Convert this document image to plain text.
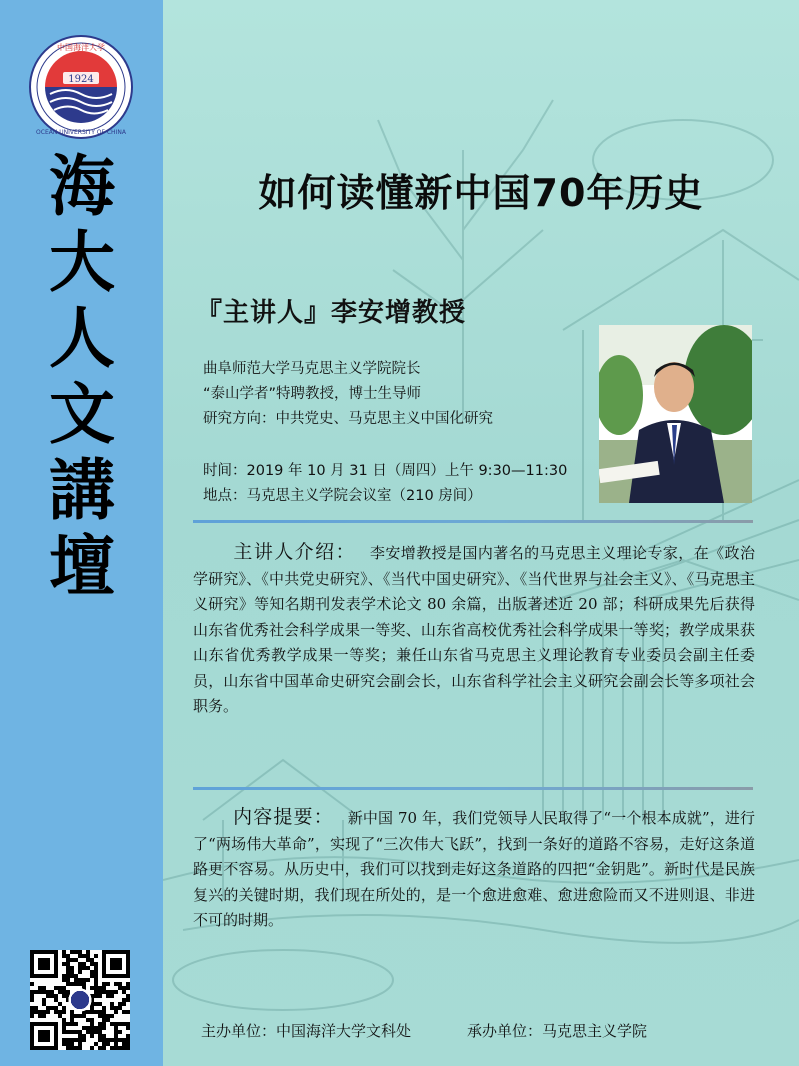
1924
中国海洋大学
OCEAN UNIVERSITY OF CHINA
海
大
人
文
講
壇
如何读懂新中国70年历史
『主讲人』李安增教授
曲阜师范大学马克思主义学院院长
“泰山学者”特聘教授，博士生导师
研究方向：中共党史、马克思主义中国化研究
时间：2019 年 10 月 31 日（周四）上午 9:30—11:30
地点：马克思主义学院会议室（210 房间）
主讲人介绍： 李安增教授是国内著名的马克思主义理论专家，在《政治学研究》、《中共党史研究》、《当代中国史研究》、《当代世界与社会主义》、《马克思主义研究》等知名期刊发表学术论文 80 余篇，出版著述近 20 部；科研成果先后获得山东省优秀社会科学成果一等奖、山东省高校优秀社会科学成果一等奖；教学成果获山东省优秀教学成果一等奖；兼任山东省马克思主义理论教育专业委员会副主任委员，山东省中国革命史研究会副会长，山东省科学社会主义研究会副会长等多项社会职务。
内容提要： 新中国 70 年，我们党领导人民取得了“一个根本成就”，进行了“两场伟大革命”，实现了“三次伟大飞跃”，找到一条好的道路不容易，走好这条道路更不容易。从历史中，我们可以找到走好这条道路的四把“金钥匙”。新时代是民族复兴的关键时期，我们现在所处的，是一个愈进愈难、愈进愈险而又不进则退、非进不可的时期。
主办单位：中国海洋大学文科处	承办单位：马克思主义学院
